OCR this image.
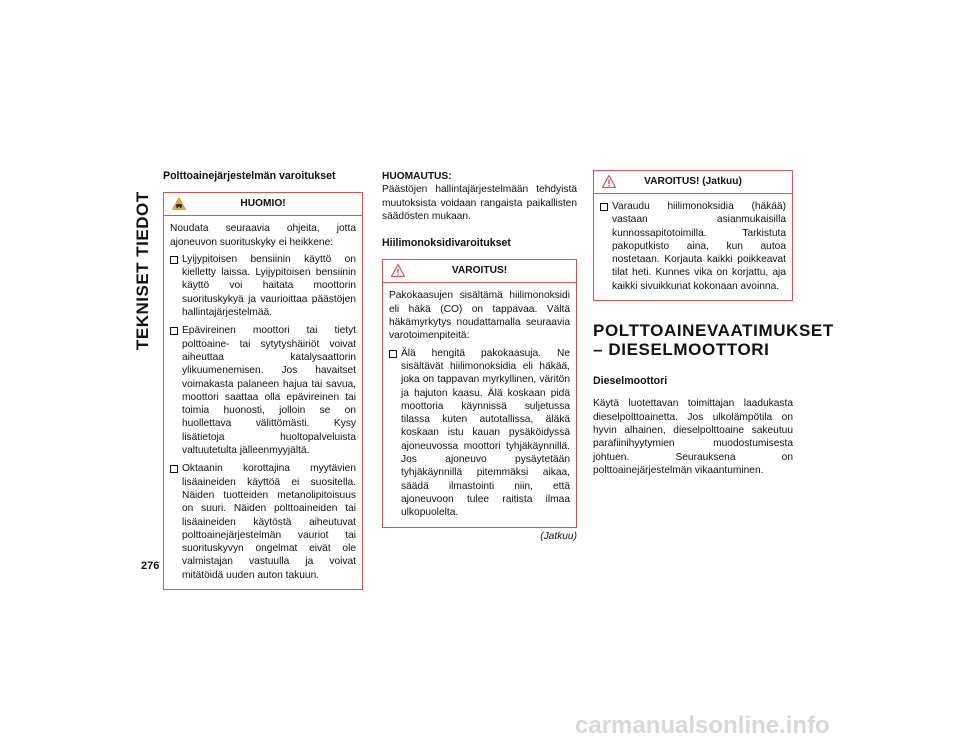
TEKNISET TIEDOT
276
Polttoainejärjestelmän varoitukset
HUOMIO!

Noudata seuraavia ohjeita, jotta ajoneuvon suorituskyky ei heikkene:

Lyijypitoisen bensiinin käyttö on kielletty laissa. Lyijypitoisen bensiinin käyttö voi haitata moottorin suorituskykyä ja vaurioittaa päästöjen hallintajärjestelmää.
Epävireinen moottori tai tietyt polttoaine- tai sytytyshäiriöt voivat aiheuttaa katalysaattorin ylikuumenemisen. Jos havaitset voimakasta palaneen hajua tai savua, moottori saattaa olla epävireinen tai toimia huonosti, jolloin se on huollettava välittömästi. Kysy lisätietoja huoltopalveluista valtuutetulta jälleenmyyjältä.
Oktaanin korottajina myytävien lisäaineiden käyttöä ei suositella. Näiden tuotteiden metanolipitoisuus on suuri. Näiden polttoaineiden tai lisäaineiden käytöstä aiheutuvat polttoainejärjestelmän vauriot tai suorituskyvyn ongelmat eivät ole valmistajan vastuulla ja voivat mitätöidä uuden auton takuun.
HUOMAUTUS:

Päästöjen hallintajärjestelmään tehdyistä muutoksista voidaan rangaista paikallisten säädösten mukaan.

Hiilimonoksidivaroitukset
VAROITUS!

Pakokaasujen sisältämä hiilimonoksidi eli häkä (CO) on tappavaa. Vältä häkämyrkytys noudattamalla seuraavia varotoimenpiteitä:

Älä hengitä pakokaasuja. Ne sisältävät hiilimonoksidia eli häkää, joka on tappavan myrkyllinen, väritön ja hajuton kaasu. Älä koskaan pidä moottoria käynnissä suljetussa tilassa kuten autotallissa, äläkä koskaan istu kauan pysäköidyssä ajoneuvossa moottori tyhjäkäynnillä. Jos ajoneuvo pysäytetään tyhjäkäynnillä pitemmäksi aikaa, säädä ilmastointi niin, että ajoneuvoon tulee raitista ilmaa ulkopuolelta.
(Jatkuu)
VAROITUS! (Jatkuu)
Varaudu hiilimonoksidia (häkää) vastaan asianmukaisilla kunnossapitotoimilla. Tarkistuta pakoputkisto aina, kun autoa nostetaan. Korjauta kaikki poikkeavat tilat heti. Kunnes vika on korjattu, aja kaikki sivuikkunat kokonaan avoinna.
POLTTOAINEVAATIMUKSET – DIESELMOOTTORI
Dieselmoottori

Käytä luotettavan toimittajan laadukasta dieselpolttoainetta. Jos ulkolämpötila on hyvin alhainen, dieselpolttoaine sakeutuu parafiinihyytymien muodostumisesta johtuen. Seurauksena on polttoainejärjestelmän vikaantuminen.

carmanualsonline.info
